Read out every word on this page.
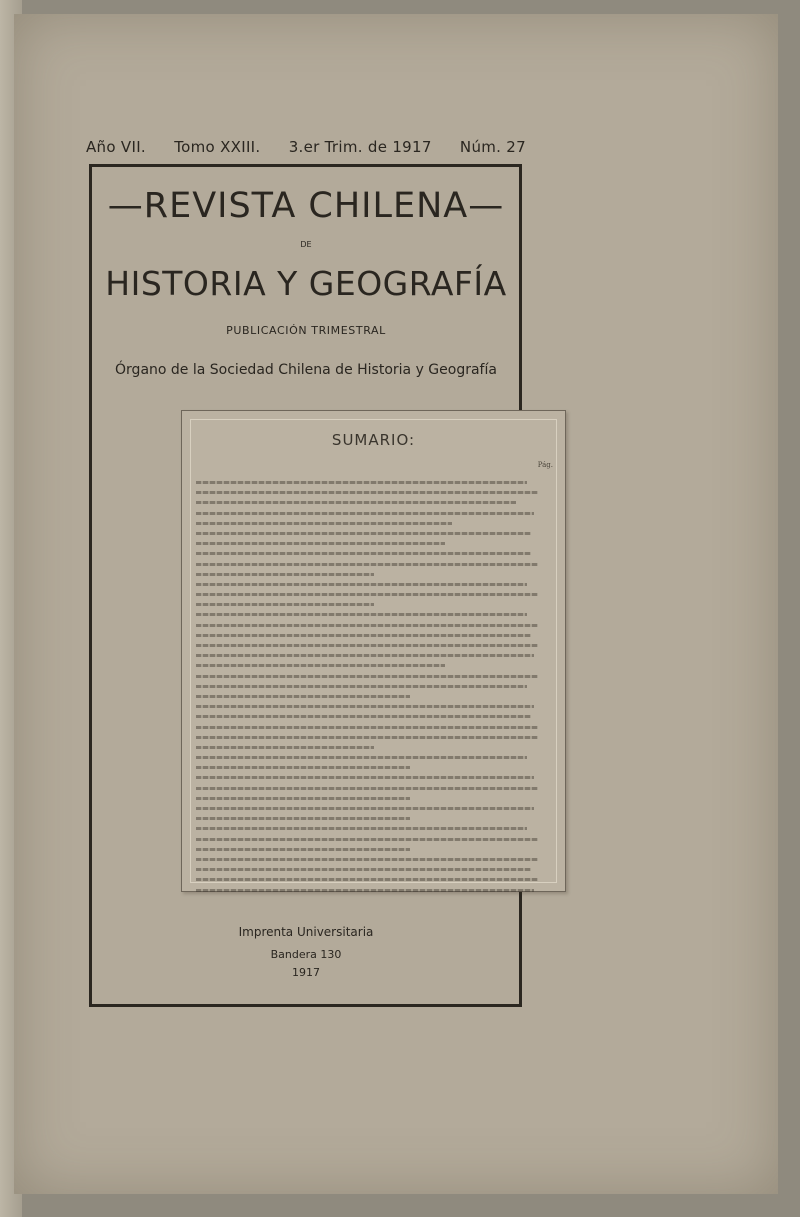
Año VII. Tomo XXIII. 3.er Trim. de 1917 Núm. 27
—REVISTA CHILENA—
DE
HISTORIA Y GEOGRAFÍA
PUBLICACIÓN TRIMESTRAL
Órgano de la Sociedad Chilena de Historia y Geografía
SUMARIO:
Pág.
Imprenta Universitaria
Bandera 130
1917
